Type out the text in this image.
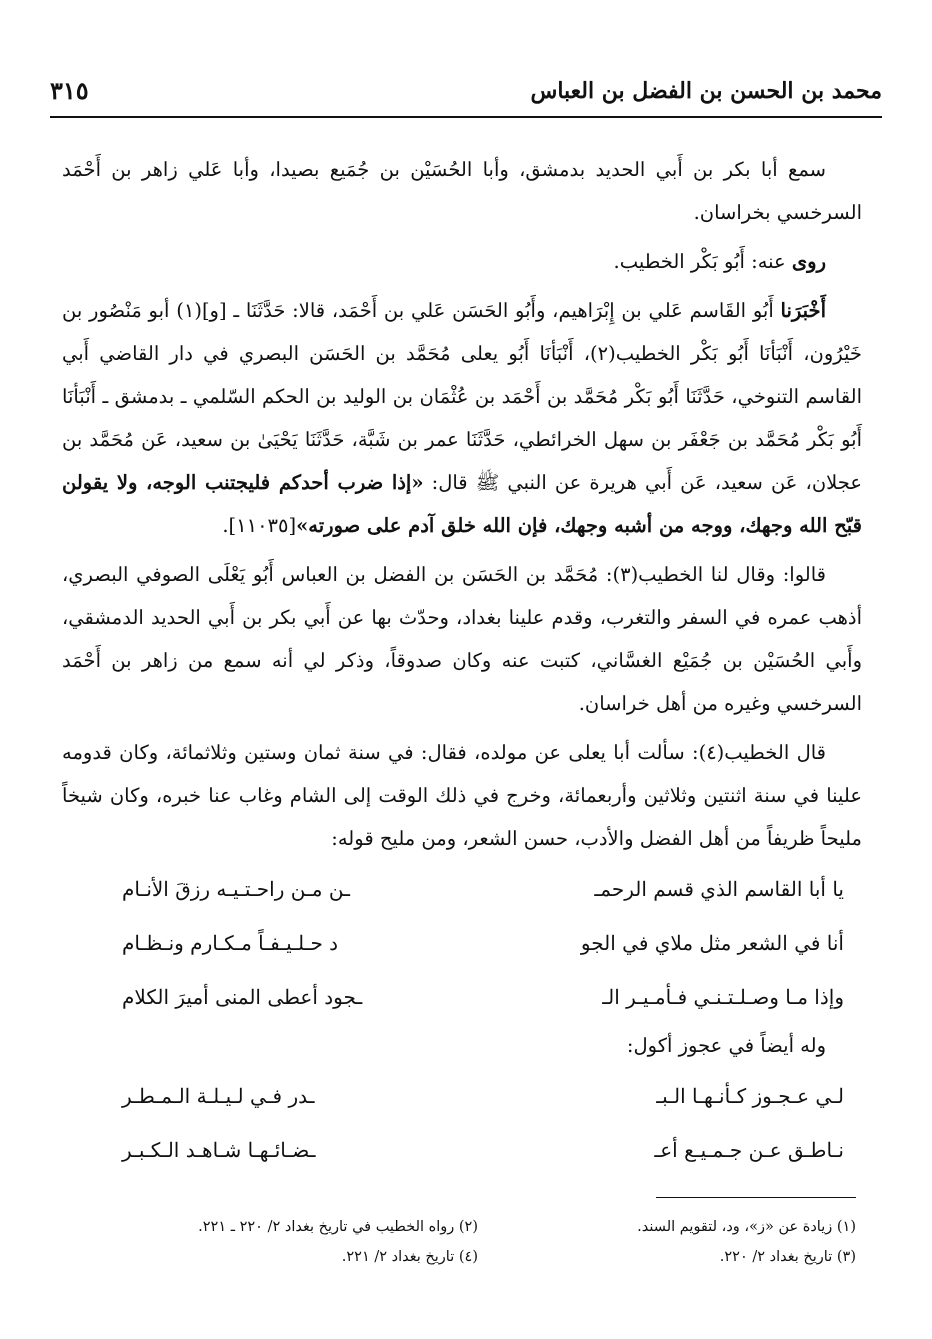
محمد بن الحسن بن الفضل بن العباس
٣١٥

سمع أبا بكر بن أَبي الحديد بدمشق، وأبا الحُسَيْن بن جُمَيع بصيدا، وأبا عَلي زاهر بن أَحْمَد السرخسي بخراسان.

روى عنه: أَبُو بَكْر الخطيب.

أَخْبَرَنا أَبُو القَاسم عَلي بن إِبْرَاهيم، وأَبُو الحَسَن عَلي بن أَحْمَد، قالا: حَدَّثَنَا ـ [و](١) أبو مَنْصُور بن خَيْرُون، أَنْبَأنَا أَبُو بَكْر الخطيب(٢)، أَنْبَأنَا أَبُو يعلى مُحَمَّد بن الحَسَن البصري في دار القاضي أَبي القاسم التنوخي، حَدَّثَنَا أَبُو بَكْر مُحَمَّد بن أَحْمَد بن عُثْمَان بن الوليد بن الحكم السّلمي ـ بدمشق ـ أَنْبَأنَا أَبُو بَكْر مُحَمَّد بن جَعْفَر بن سهل الخرائطي، حَدَّثَنَا عمر بن شَبَّة، حَدَّثَنَا يَحْيَىٰ بن سعيد، عَن مُحَمَّد بن عجلان، عَن سعيد، عَن أَبي هريرة عن النبي ﷺ قال: «إذا ضرب أحدكم فليجتنب الوجه، ولا يقولن قبّح الله وجهك، ووجه من أشبه وجهك، فإن الله خلق آدم على صورته»[١١٠٣٥].

قالوا: وقال لنا الخطيب(٣): مُحَمَّد بن الحَسَن بن الفضل بن العباس أَبُو يَعْلَى الصوفي البصري، أذهب عمره في السفر والتغرب، وقدم علينا بغداد، وحدّث بها عن أَبي بكر بن أَبي الحديد الدمشقي، وأَبي الحُسَيْن بن جُمَيْع الغسَّاني، كتبت عنه وكان صدوقاً، وذكر لي أنه سمع من زاهر بن أَحْمَد السرخسي وغيره من أهل خراسان.

قال الخطيب(٤): سألت أبا يعلى عن مولده، فقال: في سنة ثمان وستين وثلاثمائة، وكان قدومه علينا في سنة اثنتين وثلاثين وأربعمائة، وخرج في ذلك الوقت إلى الشام وغاب عنا خبره، وكان شيخاً مليحاً ظريفاً من أهل الفضل والأدب، حسن الشعر، ومن مليح قوله:

يا أبا القاسم الذي قسم الرحمـ
ـن مـن راحـتـيـه رزقَ الأنـام
أنا في الشعر مثل ملاي في الجو
د حـلـيـفـاً مـكـارم ونـظـام
وإذا مـا وصـلـتـنـي فـأمـيـر الـ
ـجود أعطى المنى أميرَ الكلام

وله أيضاً في عجوز أكول:

لـي عـجـوز كـأنـهـا الـبـ
ـدر فـي لـيـلـة الـمـطـر
نـاطـق عـن جـمـيـع أعـ
ـضـائـهـا شـاهـد الـكـبـر
(١) زيادة عن «ز»، ود، لتقويم السند.
(٢) رواه الخطيب في تاريخ بغداد ٢/ ٢٢٠ ـ ٢٢١.
(٣) تاريخ بغداد ٢/ ٢٢٠.
(٤) تاريخ بغداد ٢/ ٢٢١.
